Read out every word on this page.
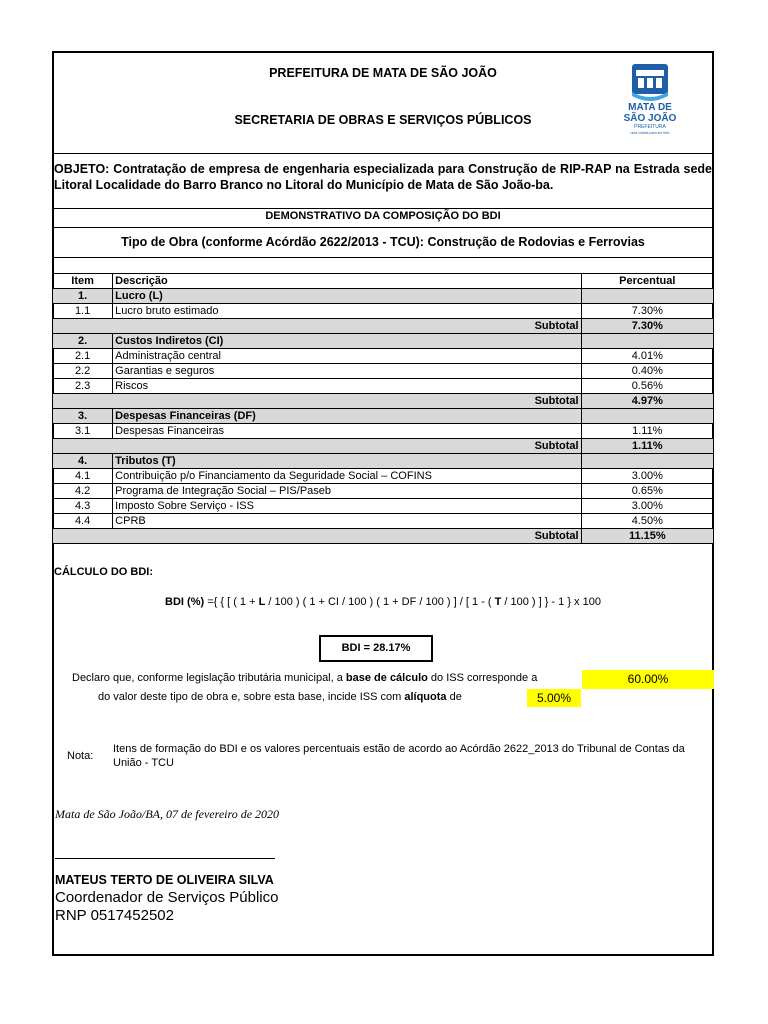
PREFEITURA DE MATA DE SÃO JOÃO
SECRETARIA DE OBRAS E SERVIÇOS PÚBLICOS
MATA DE
SÃO JOÃO
PREFEITURA
uma cidade para ser feliz
OBJETO: Contratação de empresa de engenharia especializada para Construção de RIP-RAP na Estrada sede Litoral Localidade do Barro Branco no Litoral do Município de Mata de São João-ba.
DEMONSTRATIVO DA COMPOSIÇÃO DO BDI
Tipo de Obra (conforme Acórdão 2622/2013 - TCU): Construção de Rodovias e Ferrovias
Item	Descrição	Percentual
1.	Lucro (L)	
1.1	Lucro bruto estimado	7.30%
Subtotal		7.30%
2.	Custos Indiretos (CI)	
2.1	Administração central	4.01%
2.2	Garantias e seguros	0.40%
2.3	Riscos	0.56%
Subtotal		4.97%
3.	Despesas Financeiras (DF)	
3.1	Despesas Financeiras	1.11%
Subtotal		1.11%
4.	Tributos (T)	
4.1	Contribuição p/o Financiamento da Seguridade Social – COFINS	3.00%
4.2	Programa de Integração Social – PIS/Paseb	0.65%
4.3	Imposto Sobre Serviço - ISS	3.00%
4.4	CPRB	4.50%
Subtotal		11.15%
CÁLCULO DO BDI:
BDI (%) ={ { [ ( 1 + L / 100 ) ( 1 + CI / 100 ) ( 1 + DF / 100 ) ] / [ 1 - ( T / 100 ) ] } - 1 } x 100
BDI = 28.17%
Declaro que, conforme legislação tributária municipal, a base de cálculo do ISS corresponde a	60.00%
do valor deste tipo de obra e, sobre esta base, incide ISS com alíquota de	5.00%
Nota:
Itens de formação do BDI e os valores percentuais estão de acordo ao Acórdão 2622_2013 do Tribunal de Contas da União - TCU
Mata de São João/BA, 07 de fevereiro de 2020
MATEUS TERTO DE OLIVEIRA SILVA
Coordenador de Serviços Público
RNP 0517452502
